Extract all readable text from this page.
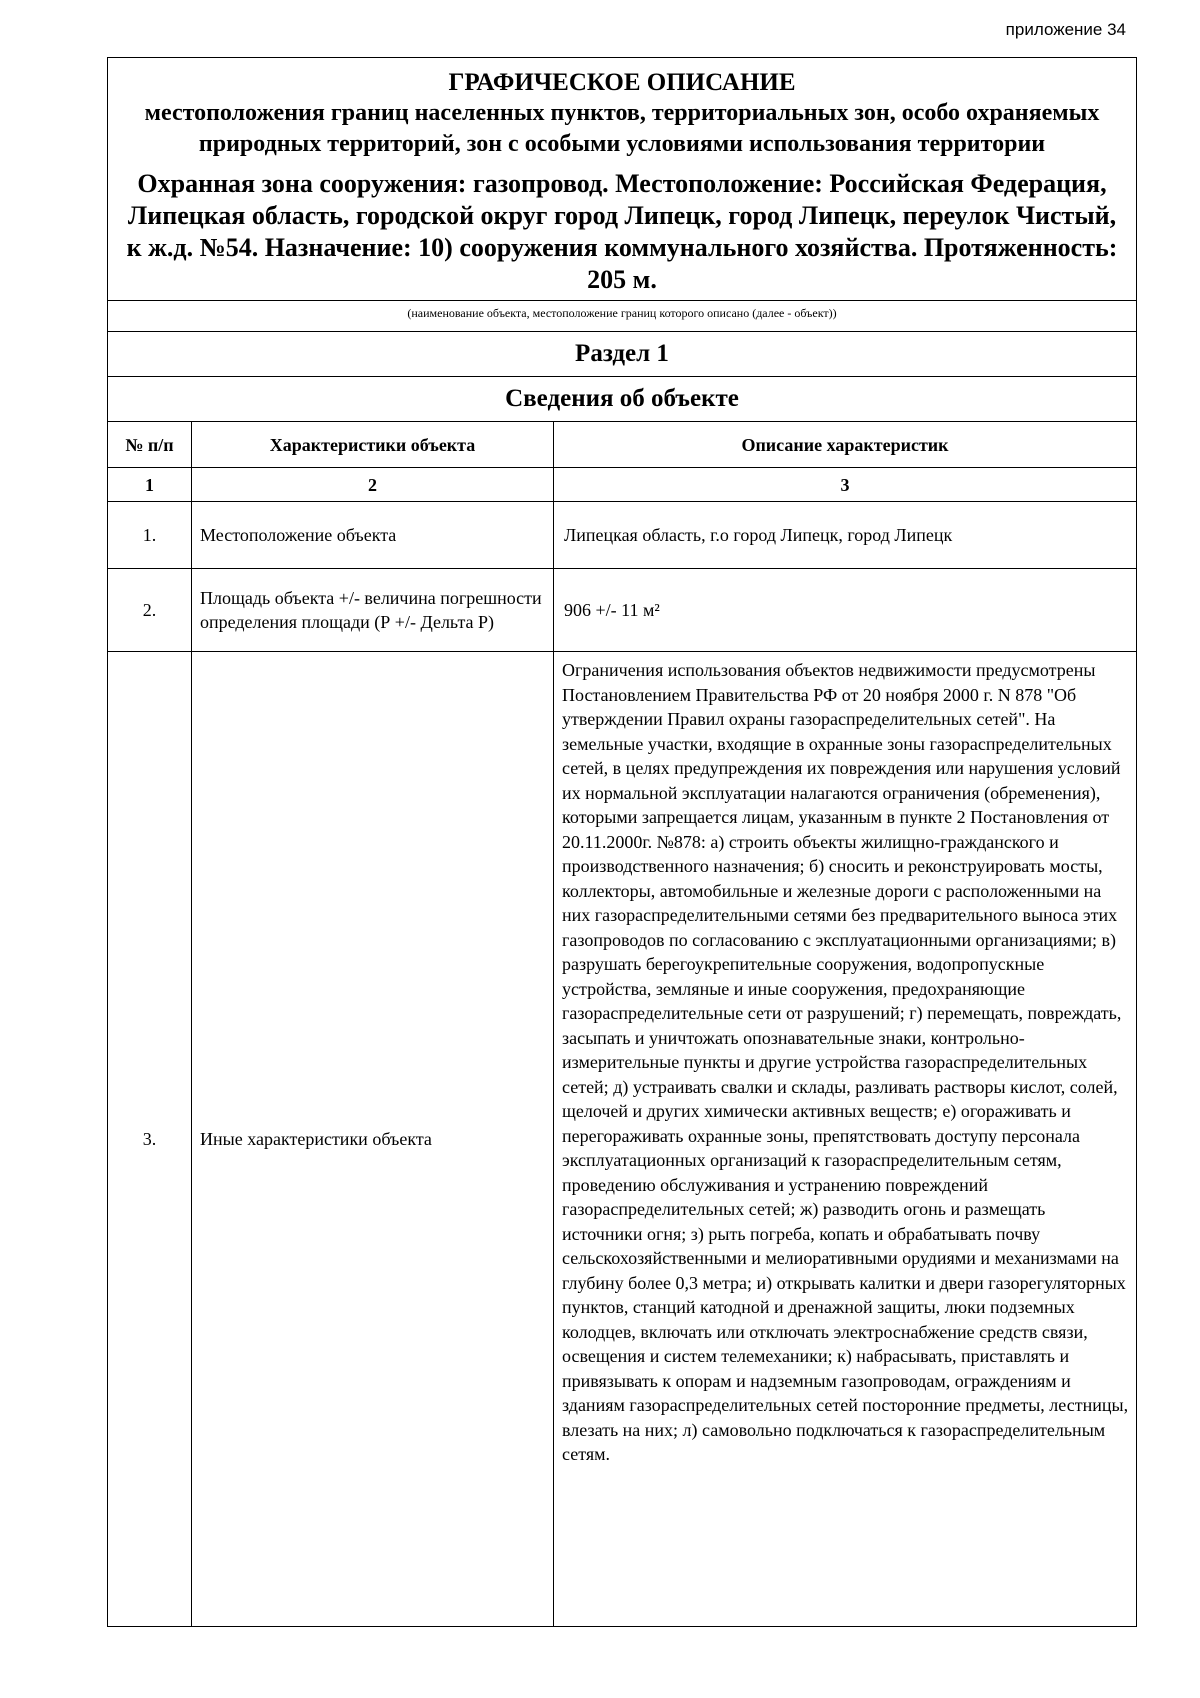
приложение 34
ГРАФИЧЕСКОЕ ОПИСАНИЕ
местоположения границ населенных пунктов, территориальных зон, особо охраняемых природных территорий, зон с особыми условиями использования территории
Охранная зона сооружения: газопровод. Местоположение: Российская Федерация, Липецкая область, городской округ город Липецк, город Липецк, переулок Чистый, к ж.д. №54. Назначение: 10) сооружения коммунального хозяйства. Протяженность: 205 м.
(наименование объекта, местоположение границ которого описано (далее - объект))
Раздел 1
Сведения об объекте
№ п/п	Характеристики объекта	Описание характеристик
1	2	3
1.	Местоположение объекта	Липецкая область, г.о город Липецк, город Липецк
2.	Площадь объекта +/- величина погрешности определения площади (Р +/- Дельта Р)	906 +/- 11 м²
3.	Иные характеристики объекта	Ограничения использования объектов недвижимости предусмотрены Постановлением Правительства РФ от 20 ноября 2000 г. N 878 "Об утверждении Правил охраны газораспределительных сетей". На земельные участки, входящие в охранные зоны газораспределительных сетей, в целях предупреждения их повреждения или нарушения условий их нормальной эксплуатации налагаются ограничения (обременения), которыми запрещается лицам, указанным в пункте 2 Постановления от 20.11.2000г. №878: а) строить объекты жилищно-гражданского и производственного назначения; б) сносить и реконструировать мосты, коллекторы, автомобильные и железные дороги с расположенными на них газораспределительными сетями без предварительного выноса этих газопроводов по согласованию с эксплуатационными организациями; в) разрушать берегоукрепительные сооружения, водопропускные устройства, земляные и иные сооружения, предохраняющие газораспределительные сети от разрушений; г) перемещать, повреждать, засыпать и уничтожать опознавательные знаки, контрольно-измерительные пункты и другие устройства газораспределительных сетей; д) устраивать свалки и склады, разливать растворы кислот, солей, щелочей и других химически активных веществ; е) огораживать и перегораживать охранные зоны, препятствовать доступу персонала эксплуатационных организаций к газораспределительным сетям, проведению обслуживания и устранению повреждений газораспределительных сетей; ж) разводить огонь и размещать источники огня; з) рыть погреба, копать и обрабатывать почву сельскохозяйственными и мелиоративными орудиями и механизмами на глубину более 0,3 метра; и) открывать калитки и двери газорегуляторных пунктов, станций катодной и дренажной защиты, люки подземных колодцев, включать или отключать электроснабжение средств связи, освещения и систем телемеханики; к) набрасывать, приставлять и привязывать к опорам и надземным газопроводам, ограждениям и зданиям газораспределительных сетей посторонние предметы, лестницы, влезать на них; л) самовольно подключаться к газораспределительным сетям.
